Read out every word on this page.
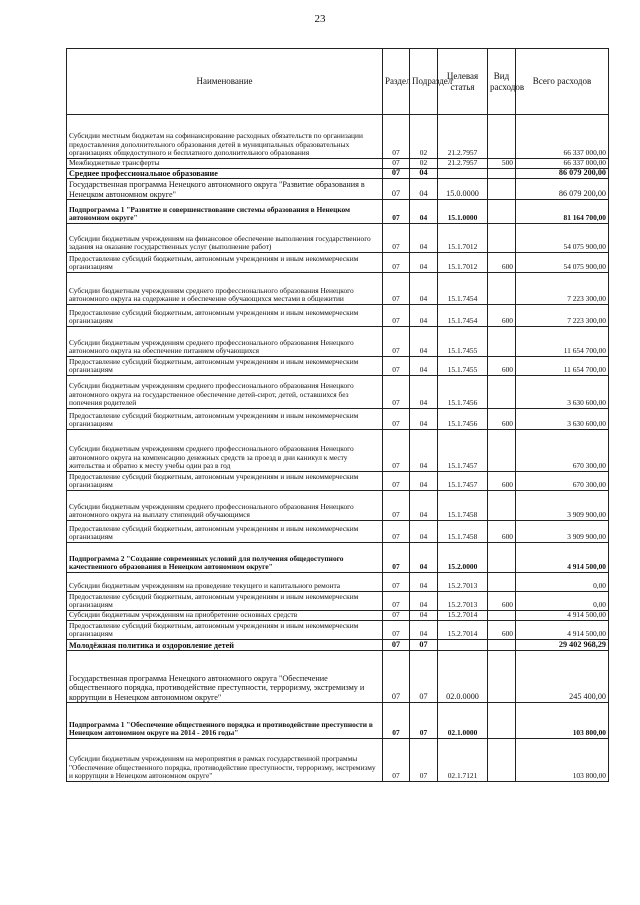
23
Наименование	Раздел	Подраздел	Целевая статья	Вид расходов	Всего расходов
Субсидии местным бюджетам на софинансирование расходных обязательств по организации предоставления дополнительного образования детей в муниципальных образовательных организациях общедоступного и бесплатного дополнительного образования	07	02	21.2.7957		66 337 000,00
Межбюджетные трансферты	07	02	21.2.7957	500	66 337 000,00
Среднее профессиональное образование	07	04			86 079 200,00
Государственная программа Ненецкого автономного округа "Развитие образования в Ненецком автономном округе"	07	04	15.0.0000		86 079 200,00
Подпрограмма 1 "Развитие и совершенствование системы образования в Ненецком автономном округе"	07	04	15.1.0000		81 164 700,00
Субсидии бюджетным учреждениям на финансовое обеспечение выполнения государственного задания на оказание государственных услуг (выполнение работ)	07	04	15.1.7012		54 075 900,00
Предоставление субсидий бюджетным, автономным учреждениям и иным некоммерческим организациям	07	04	15.1.7012	600	54 075 900,00
Субсидии бюджетным учреждениям среднего профессионального образования Ненецкого автономного округа на содержание и обеспечение обучающихся местами в общежитии	07	04	15.1.7454		7 223 300,00
Предоставление субсидий бюджетным, автономным учреждениям и иным некоммерческим организациям	07	04	15.1.7454	600	7 223 300,00
Субсидии бюджетным учреждениям среднего профессионального образования Ненецкого автономного округа на обеспечение питанием обучающихся	07	04	15.1.7455		11 654 700,00
Предоставление субсидий бюджетным, автономным учреждениям и иным некоммерческим организациям	07	04	15.1.7455	600	11 654 700,00
Субсидии бюджетным учреждениям среднего профессионального образования Ненецкого автономного округа на государственное обеспечение детей-сирот, детей, оставшихся без попечения родителей	07	04	15.1.7456		3 630 600,00
Предоставление субсидий бюджетным, автономным учреждениям и иным некоммерческим организациям	07	04	15.1.7456	600	3 630 600,00
Субсидии бюджетным учреждениям среднего профессионального образования Ненецкого автономного округа на компенсацию денежных средств за проезд в дни каникул к месту жительства и обратно к месту учебы один раз в год	07	04	15.1.7457		670 300,00
Предоставление субсидий бюджетным, автономным учреждениям и иным некоммерческим организациям	07	04	15.1.7457	600	670 300,00
Субсидии бюджетным учреждениям среднего профессионального образования Ненецкого автономного округа на выплату стипендий обучающимся	07	04	15.1.7458		3 909 900,00
Предоставление субсидий бюджетным, автономным учреждениям и иным некоммерческим организациям	07	04	15.1.7458	600	3 909 900,00
Подпрограмма 2 "Создание современных условий для получения общедоступного качественного образования в Ненецком автономном округе"	07	04	15.2.0000		4 914 500,00
Субсидии бюджетным учреждениям на проведение текущего и капитального ремонта	07	04	15.2.7013		0,00
Предоставление субсидий бюджетным, автономным учреждениям и иным некоммерческим организациям	07	04	15.2.7013	600	0,00
Субсидии бюджетным учреждениям на приобретение основных средств	07	04	15.2.7014		4 914 500,00
Предоставление субсидий бюджетным, автономным учреждениям и иным некоммерческим организациям	07	04	15.2.7014	600	4 914 500,00
Молодёжная политика и оздоровление детей	07	07			29 402 968,29
Государственная программа Ненецкого автономного округа "Обеспечение общественного порядка, противодействие преступности, терроризму, экстремизму и коррупции в Ненецком автономном округе"	07	07	02.0.0000		245 400,00
Подпрограмма 1 "Обеспечение общественного порядка и противодействие преступности в Ненецком автономном округе на 2014 - 2016 годы"	07	07	02.1.0000		103 800,00
Субсидии бюджетным учреждениям на мероприятия в рамках государственной программы "Обеспечение общественного порядка, противодействие преступности, терроризму, экстремизму и коррупции в Ненецком автономном округе"	07	07	02.1.7121		103 800,00
